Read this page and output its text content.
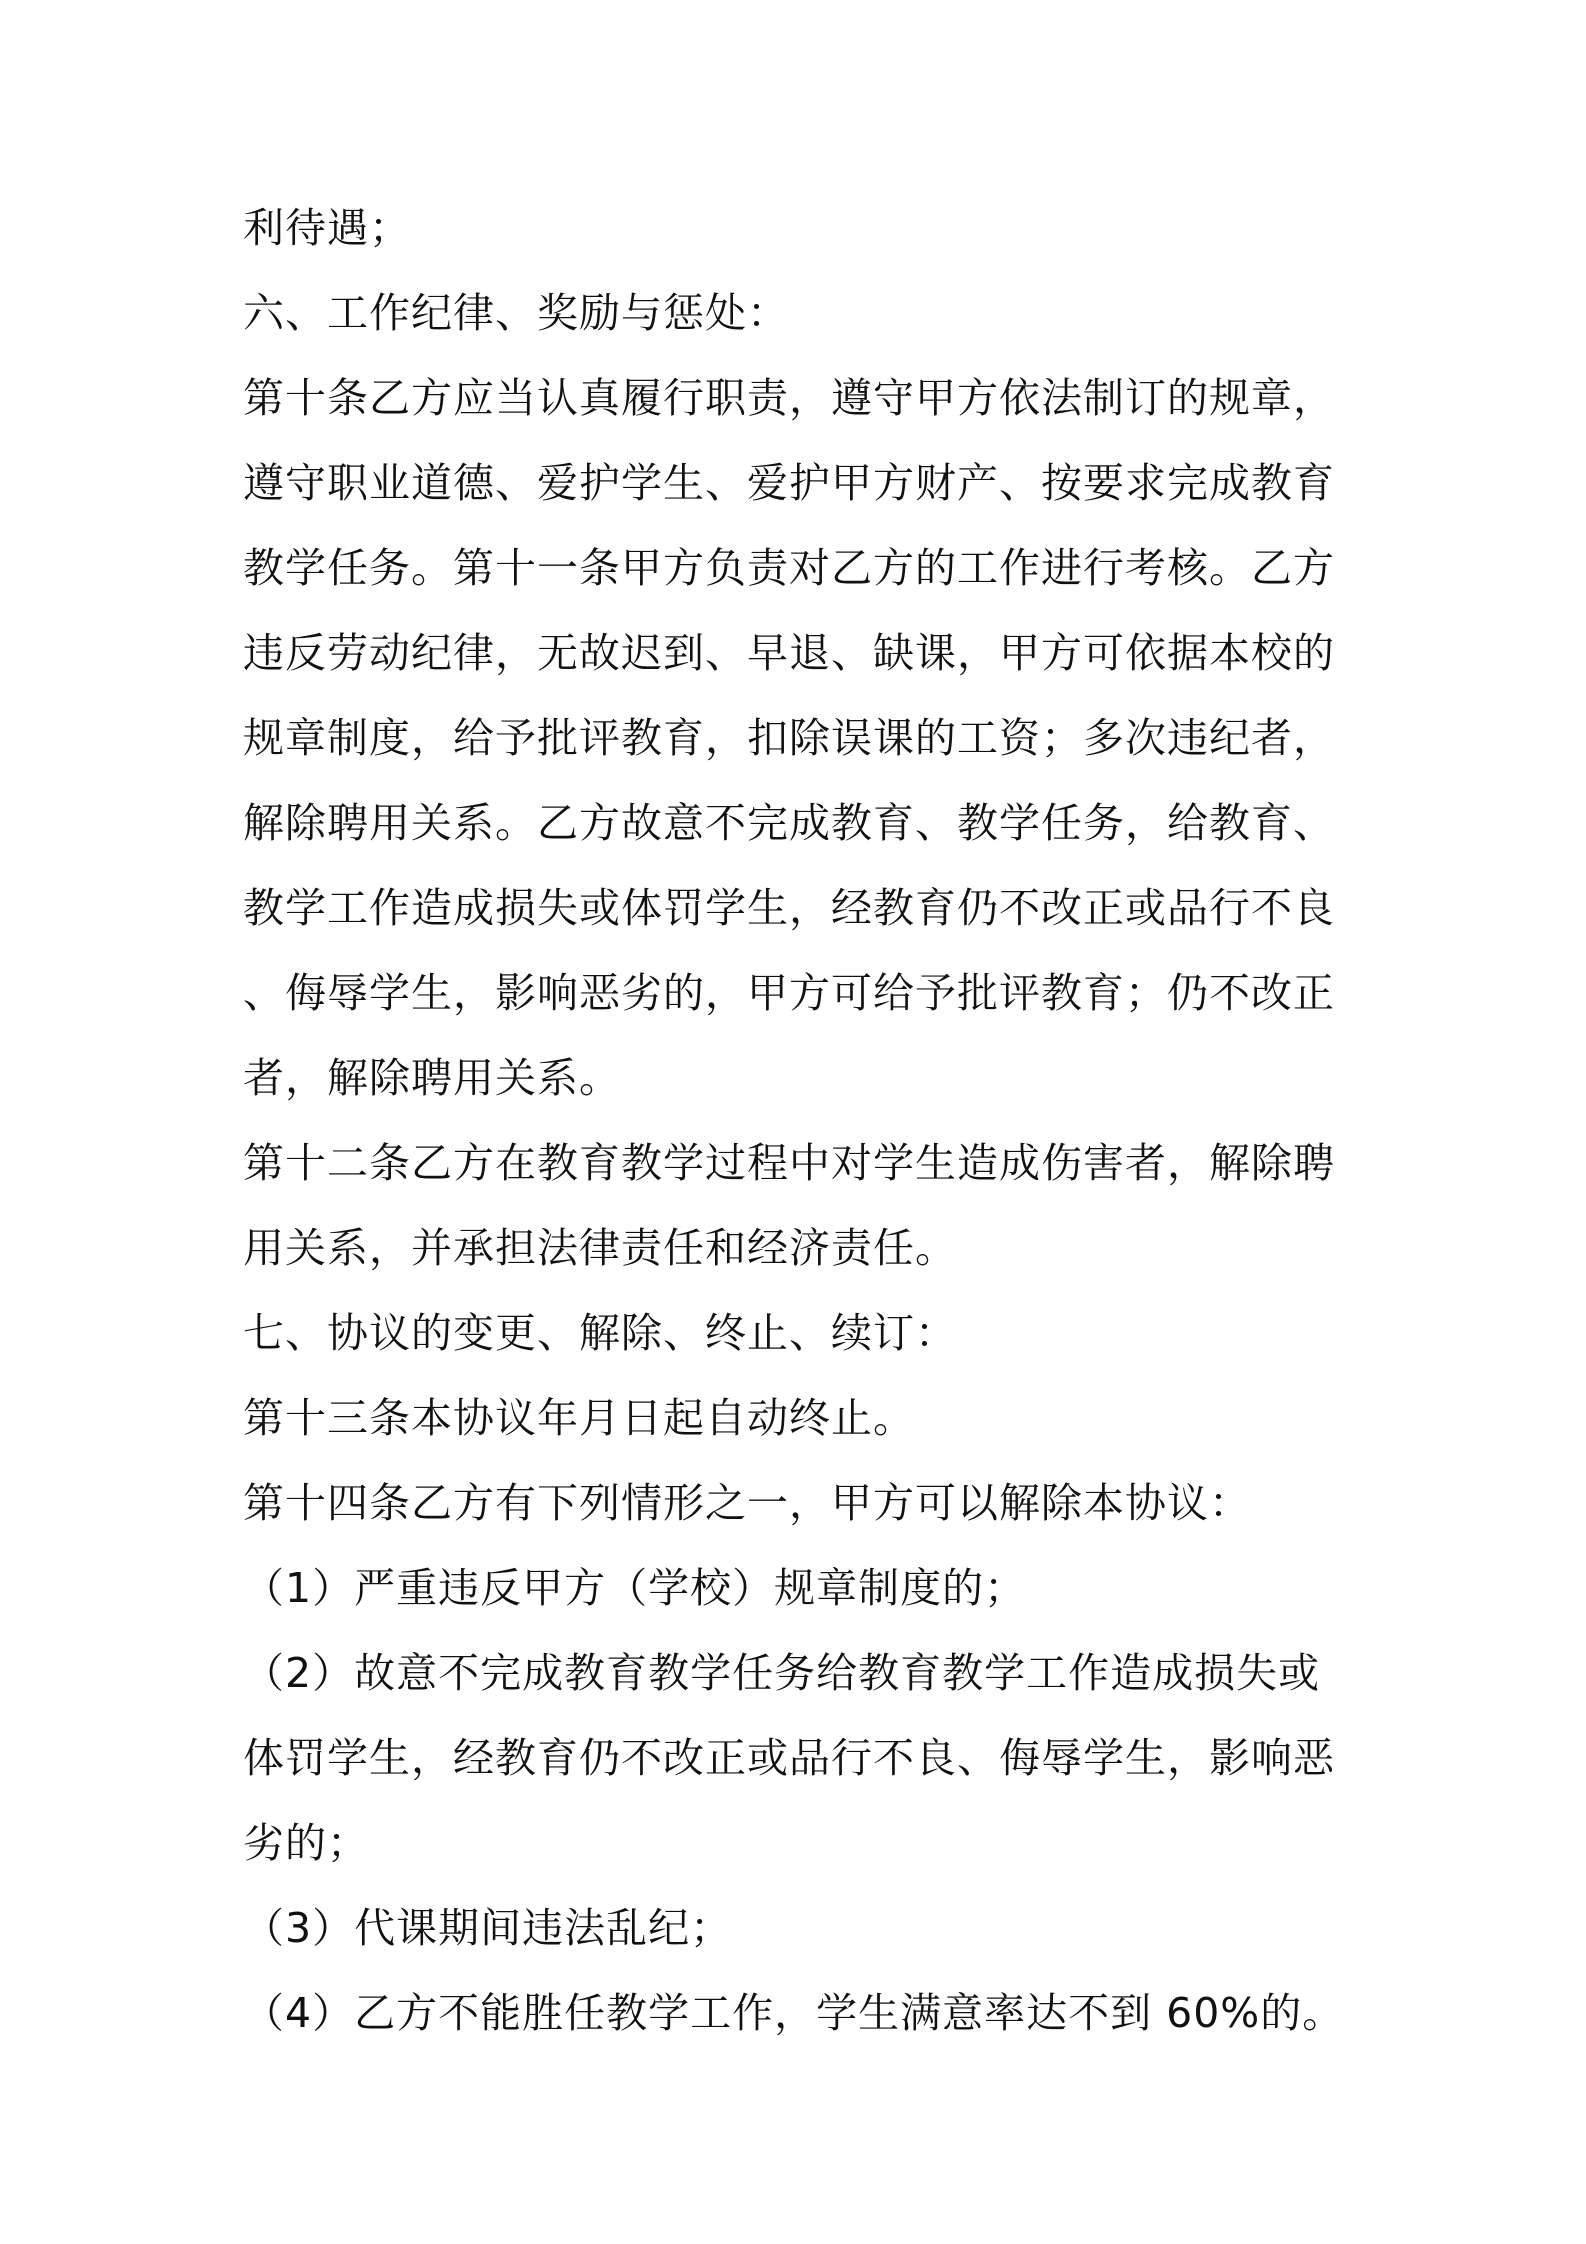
利待遇；

六、工作纪律、奖励与惩处：

第十条乙方应当认真履行职责，遵守甲方依法制订的规章，

遵守职业道德、爱护学生、爱护甲方财产、按要求完成教育

教学任务。第十一条甲方负责对乙方的工作进行考核。乙方

违反劳动纪律，无故迟到、早退、缺课，甲方可依据本校的

规章制度，给予批评教育，扣除误课的工资；多次违纪者，

解除聘用关系。乙方故意不完成教育、教学任务，给教育、

教学工作造成损失或体罚学生，经教育仍不改正或品行不良

、侮辱学生，影响恶劣的，甲方可给予批评教育；仍不改正

者，解除聘用关系。

第十二条乙方在教育教学过程中对学生造成伤害者，解除聘

用关系，并承担法律责任和经济责任。

七、协议的变更、解除、终止、续订：

第十三条本协议年月日起自动终止。

第十四条乙方有下列情形之一，甲方可以解除本协议：

（1）严重违反甲方（学校）规章制度的；

（2）故意不完成教育教学任务给教育教学工作造成损失或

体罚学生，经教育仍不改正或品行不良、侮辱学生，影响恶

劣的；

（3）代课期间违法乱纪；

（4）乙方不能胜任教学工作，学生满意率达不到 60%的。
